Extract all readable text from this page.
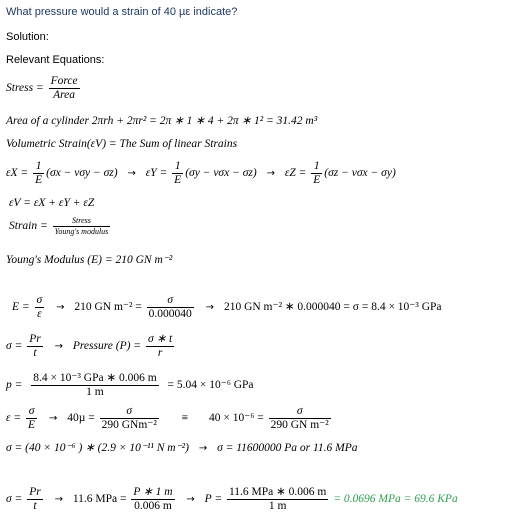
What pressure would a strain of 40 µε indicate?
Solution:
Relevant Equations:
Stress = $\frac{\text{Force}}{\text{Area}}$
Area of a cylinder 2πrh + 2πr² = 2π ∗ 1 ∗ 4 + 2π ∗ 1² = 31.42 m³
Volumetric Strain(εV) = The Sum of linear Strains
$\varepsilon X = \frac{1}{E} (\sigma x - \nu\sigma y - \sigma z) \to \varepsilon Y = \frac{1}{E} (\sigma y - \nu\sigma x - \sigma z) \to \varepsilon Z = \frac{1}{E} (\sigma z - \nu\sigma x - \sigma y)$
εV = εX + εY + εZ
Strain = $\frac{\text{Stress}}{\text{Young's modulus}}$
Young's Modulus (E) = 210 GN m⁻²
$E = \frac{\sigma}{\varepsilon} \to 210$ GN $m^{-2} = \frac{\sigma}{0.000040} \to 210$ GN m⁻² ∗ 0.000040 = σ = 8.4 × 10⁻³ GPa
$\sigma = \frac{Pr}{t}$ → Pressure $(P) = \frac{\sigma ∗ t}{r}$
$p = \frac{\text{8.4 × 10⁻³ GPa ∗ 0.006 m}}{1 m} = 5.04 \times 10^{-6}$ GPa
$\varepsilon = \frac{\sigma}{E} \to 40\mu = \frac{\sigma}{\text{290 GNm⁻²}} \equiv 40 \times 10^{-6} = \frac{\sigma}{\text{290 GN m⁻²}}$
σ = (40 × 10⁻⁶ ) ∗ (2.9 × 10⁻¹¹ N m⁻²) → σ = 11600000 Pa or 11.6 MPa
$\sigma = \frac{Pr}{t} \to 11.6$ MPa = $\frac{P ∗ 1 m}{0.006 m} \to P = \frac{\text{11.6 MPa ∗ 0.006 m}}{1 m} = 0.0696$ MPa = 69.6 KPa
